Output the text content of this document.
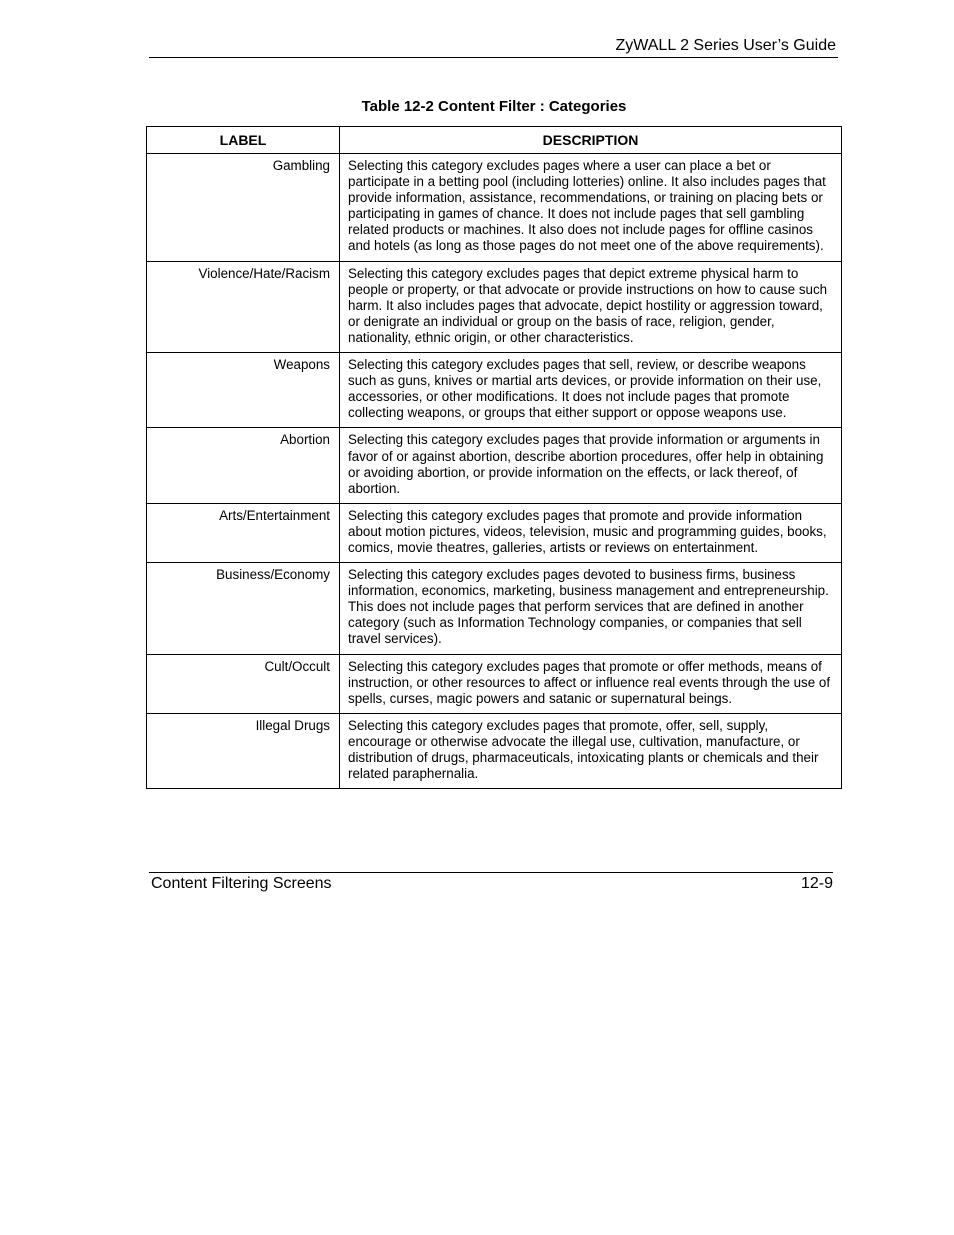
ZyWALL 2 Series User’s Guide
Table 12-2 Content Filter : Categories
LABEL	DESCRIPTION
Gambling	Selecting this category excludes pages where a user can place a bet or participate in a betting pool (including lotteries) online. It also includes pages that provide information, assistance, recommendations, or training on placing bets or participating in games of chance. It does not include pages that sell gambling related products or machines. It also does not include pages for offline casinos and hotels (as long as those pages do not meet one of the above requirements).
Violence/Hate/Racism	Selecting this category excludes pages that depict extreme physical harm to people or property, or that advocate or provide instructions on how to cause such harm. It also includes pages that advocate, depict hostility or aggression toward, or denigrate an individual or group on the basis of race, religion, gender, nationality, ethnic origin, or other characteristics.
Weapons	Selecting this category excludes pages that sell, review, or describe weapons such as guns, knives or martial arts devices, or provide information on their use, accessories, or other modifications. It does not include pages that promote collecting weapons, or groups that either support or oppose weapons use.
Abortion	Selecting this category excludes pages that provide information or arguments in favor of or against abortion, describe abortion procedures, offer help in obtaining or avoiding abortion, or provide information on the effects, or lack thereof, of abortion.
Arts/Entertainment	Selecting this category excludes pages that promote and provide information about motion pictures, videos, television, music and programming guides, books, comics, movie theatres, galleries, artists or reviews on entertainment.
Business/Economy	Selecting this category excludes pages devoted to business firms, business information, economics, marketing, business management and entrepreneurship. This does not include pages that perform services that are defined in another category (such as Information Technology companies, or companies that sell travel services).
Cult/Occult	Selecting this category excludes pages that promote or offer methods, means of instruction, or other resources to affect or influence real events through the use of spells, curses, magic powers and satanic or supernatural beings.
Illegal Drugs	Selecting this category excludes pages that promote, offer, sell, supply, encourage or otherwise advocate the illegal use, cultivation, manufacture, or distribution of drugs, pharmaceuticals, intoxicating plants or chemicals and their related paraphernalia.
Content Filtering Screens	12-9
